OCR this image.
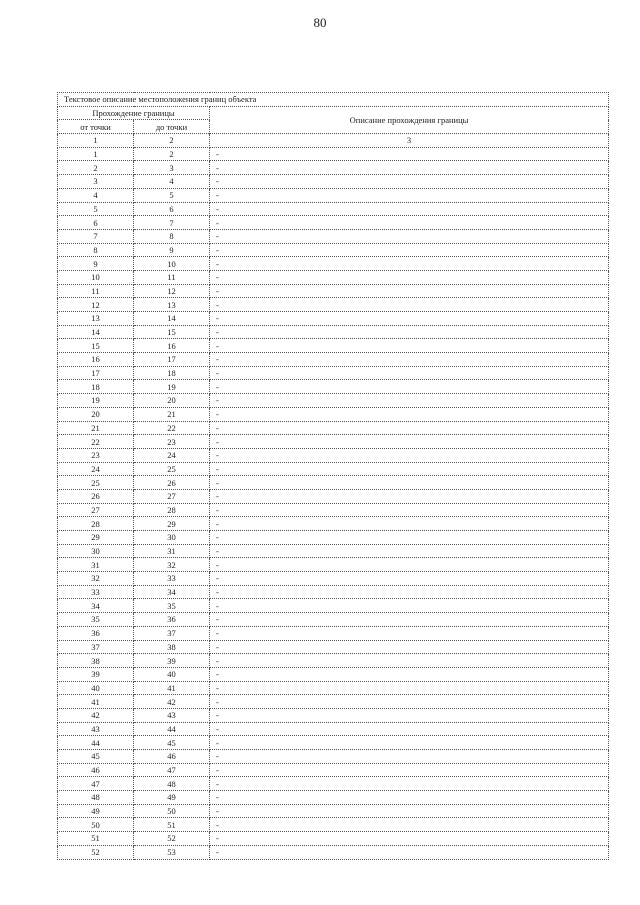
80
Текстовое описание местоположения границ объекта		
Прохождение границы		Описание прохождения границы
от точки	до точки	
1	2	3
1	2	-
2	3	-
3	4	-
4	5	-
5	6	-
6	7	-
7	8	-
8	9	-
9	10	-
10	11	-
11	12	-
12	13	-
13	14	-
14	15	-
15	16	-
16	17	-
17	18	-
18	19	-
19	20	-
20	21	-
21	22	-
22	23	-
23	24	-
24	25	-
25	26	-
26	27	-
27	28	-
28	29	-
29	30	-
30	31	-
31	32	-
32	33	-
33	34	-
34	35	-
35	36	-
36	37	-
37	38	-
38	39	-
39	40	-
40	41	-
41	42	-
42	43	-
43	44	-
44	45	-
45	46	-
46	47	-
47	48	-
48	49	-
49	50	-
50	51	-
51	52	-
52	53	-
